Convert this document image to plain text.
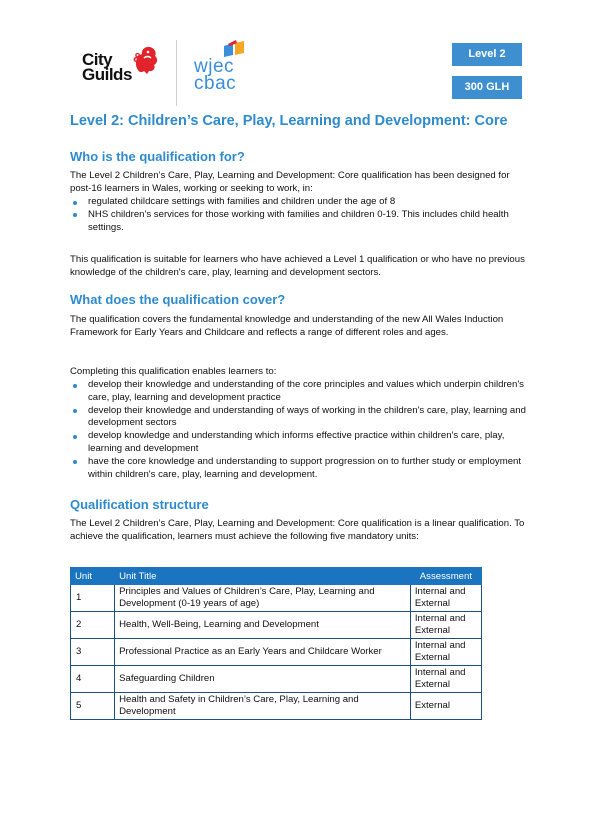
City
Guilds
&	wjec
cbac
Level 2
300 GLH
Level 2: Children’s Care, Play, Learning and Development: Core
Who is the qualification for?

The Level 2 Children’s Care, Play, Learning and Development: Core qualification has been designed for post-16 learners in Wales, working or seeking to work, in:

regulated childcare settings with families and children under the age of 8
NHS children's services for those working with families and children 0-19. This includes child health settings.

This qualification is suitable for learners who have achieved a Level 1 qualification or who have no previous knowledge of the children's care, play, learning and development sectors.

What does the qualification cover?

The qualification covers the fundamental knowledge and understanding of the new All Wales Induction Framework for Early Years and Childcare and reflects a range of different roles and ages.

Completing this qualification enables learners to:

develop their knowledge and understanding of the core principles and values which underpin children's care, play, learning and development practice
develop their knowledge and understanding of ways of working in the children's care, play, learning and development sectors
develop knowledge and understanding which informs effective practice within children's care, play, learning and development
have the core knowledge and understanding to support progression on to further study or employment within children's care, play, learning and development.
Qualification structure

The Level 2 Children’s Care, Play, Learning and Development: Core qualification is a linear qualification. To achieve the qualification, learners must achieve the following five mandatory units:

Unit	Unit Title	Assessment
1	Principles and Values of Children’s Care, Play, Learning and Development (0-19 years of age)	Internal and External
2	Health, Well-Being, Learning and Development	Internal and External
3	Professional Practice as an Early Years and Childcare Worker	Internal and External
4	Safeguarding Children	Internal and External
5	Health and Safety in Children’s Care, Play, Learning and Development	External
